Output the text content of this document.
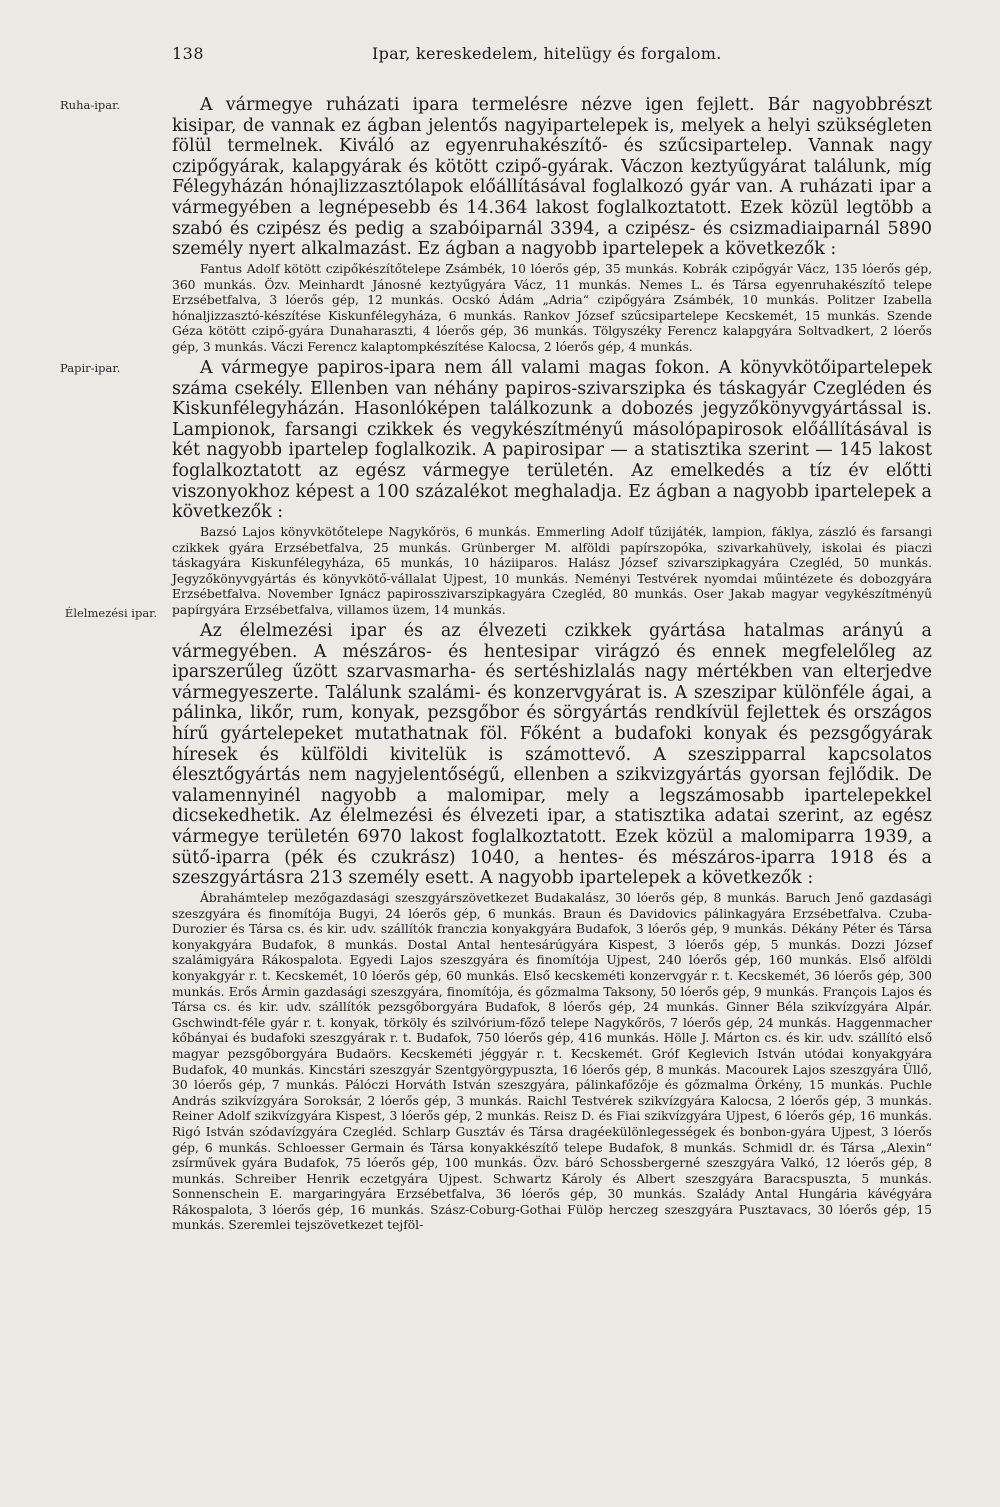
138	Ipar, kereskedelem, hitelügy és forgalom.
Ruha-ipar.
Papir-ipar.
Élelmezési ipar.

A vármegye ruházati ipara termelésre nézve igen fejlett. Bár nagyobbrészt kisipar, de vannak ez ágban jelentős nagyipartelepek is, melyek a helyi szükségleten fölül termelnek. Kiváló az egyenruhakészítő- és szűcsipartelep. Vannak nagy czipőgyárak, kalapgyárak és kötött czipő-gyárak. Váczon keztyűgyárat találunk, míg Félegyházán hónajlizzasztólapok előállításával foglalkozó gyár van. A ruházati ipar a vármegyében a legnépesebb és 14.364 lakost foglalkoztatott. Ezek közül legtöbb a szabó és czipész és pedig a szabóiparnál 3394, a czipész- és csizmadiaiparnál 5890 személy nyert alkalmazást. Ez ágban a nagyobb ipartelepek a következők :

Fantus Adolf kötött czipőkészítőtelepe Zsámbék, 10 lóerős gép, 35 munkás. Kobrák czipőgyár Vácz, 135 lóerős gép, 360 munkás. Özv. Meinhardt Jánosné keztyűgyára Vácz, 11 munkás. Nemes L. és Társa egyenruhakészítő telepe Erzsébetfalva, 3 lóerős gép, 12 munkás. Ocskó Ádám „Adria“ czipőgyára Zsámbék, 10 munkás. Politzer Izabella hónaljizzasztó-készítése Kiskunfélegyháza, 6 munkás. Rankov József szűcsipartelepe Kecskemét, 15 munkás. Szende Géza kötött czipő-gyára Dunaharaszti, 4 lóerős gép, 36 munkás. Tölgyszéky Ferencz kalapgyára Soltvadkert, 2 lóerős gép, 3 munkás. Váczi Ferencz kalaptompkészítése Kalocsa, 2 lóerős gép, 4 munkás.

A vármegye papiros-ipara nem áll valami magas fokon. A könyvkötőipartelepek száma csekély. Ellenben van néhány papiros-szivarszipka és táskagyár Czegléden és Kiskunfélegyházán. Hasonlóképen találkozunk a dobozés jegyzőkönyvgyártással is. Lampionok, farsangi czikkek és vegykészítményű másolópapirosok előállításával is két nagyobb ipartelep foglalkozik. A papirosipar — a statisztika szerint — 145 lakost foglalkoztatott az egész vármegye területén. Az emelkedés a tíz év előtti viszonyokhoz képest a 100 százalékot meghaladja. Ez ágban a nagyobb ipartelepek a következők :

Bazsó Lajos könyvkötőtelepe Nagykőrös, 6 munkás. Emmerling Adolf tűzijáték, lampion, fáklya, zászló és farsangi czikkek gyára Erzsébetfalva, 25 munkás. Grünberger M. alföldi papírszopóka, szivarkahüvely, iskolai és piaczi táskagyára Kiskunfélegyháza, 65 munkás, 10 háziiparos. Halász József szivarszipkagyára Czegléd, 50 munkás. Jegyzőkönyvgyártás és könyvkötő-vállalat Ujpest, 10 munkás. Neményi Testvérek nyomdai műintézete és dobozgyára Erzsébetfalva. November Ignácz papirosszivarszipkagyára Czegléd, 80 munkás. Oser Jakab magyar vegykészítményű papírgyára Erzsébetfalva, villamos üzem, 14 munkás.

Az élelmezési ipar és az élvezeti czikkek gyártása hatalmas arányú a vármegyében. A mészáros- és hentesipar virágzó és ennek megfelelőleg az iparszerűleg űzött szarvasmarha- és sertéshizlalás nagy mértékben van elterjedve vármegyeszerte. Találunk szalámi- és konzervgyárat is. A szeszipar különféle ágai, a pálinka, likőr, rum, konyak, pezsgőbor és sörgyártás rendkívül fejlettek és országos hírű gyártelepeket mutathatnak föl. Főként a budafoki konyak és pezsgőgyárak híresek és külföldi kivitelük is számottevő. A szeszipparral kapcsolatos élesztőgyártás nem nagyjelentőségű, ellenben a szikvizgyártás gyorsan fejlődik. De valamennyinél nagyobb a malomipar, mely a legszámosabb ipartelepekkel dicsekedhetik. Az élelmezési és élvezeti ipar, a statisztika adatai szerint, az egész vármegye területén 6970 lakost foglalkoztatott. Ezek közül a malomiparra 1939, a sütő-iparra (pék és czukrász) 1040, a hentes- és mészáros-iparra 1918 és a szeszgyártásra 213 személy esett. A nagyobb ipartelepek a következők :

Ábrahámtelep mezőgazdasági szeszgyárszövetkezet Budakalász, 30 lóerős gép, 8 munkás. Baruch Jenő gazdasági szeszgyára és finomítója Bugyi, 24 lóerős gép, 6 munkás. Braun és Davidovics pálinkagyára Erzsébetfalva. Czuba-Durozier és Társa cs. és kir. udv. szállítók franczia konyakgyára Budafok, 3 lóerős gép, 9 munkás. Dékány Péter és Társa konyakgyára Budafok, 8 munkás. Dostal Antal hentesárúgyára Kispest, 3 lóerős gép, 5 munkás. Dozzi József szalámigyára Rákospalota. Egyedi Lajos szeszgyára és finomítója Ujpest, 240 lóerős gép, 160 munkás. Első alföldi konyakgyár r. t. Kecskemét, 10 lóerős gép, 60 munkás. Első kecskeméti konzervgyár r. t. Kecskemét, 36 lóerős gép, 300 munkás. Erős Ármin gazdasági szeszgyára, finomítója, és gőzmalma Taksony, 50 lóerős gép, 9 munkás. François Lajos és Társa cs. és kir. udv. szállítók pezsgőborgyára Budafok, 8 lóerős gép, 24 munkás. Ginner Béla szikvízgyára Alpár. Gschwindt-féle gyár r. t. konyak, törköly és szilvórium-főző telepe Nagykőrös, 7 lóerős gép, 24 munkás. Haggenmacher kőbányai és budafoki szeszgyárak r. t. Budafok, 750 lóerős gép, 416 munkás. Hölle J. Márton cs. és kir. udv. szállító első magyar pezsgőborgyára Budaörs. Kecskeméti jéggyár r. t. Kecskemét. Gróf Keglevich István utódai konyakgyára Budafok, 40 munkás. Kincstári szeszgyár Szentgyörgypuszta, 16 lóerős gép, 8 munkás. Macourek Lajos szeszgyára Üllő, 30 lóerős gép, 7 munkás. Pálóczi Horváth István szeszgyára, pálinkafőzője és gőzmalma Örkény, 15 munkás. Puchle András szikvízgyára Soroksár, 2 lóerős gép, 3 munkás. Raichl Testvérek szikvízgyára Kalocsa, 2 lóerős gép, 3 munkás. Reiner Adolf szikvízgyára Kispest, 3 lóerős gép, 2 munkás. Reisz D. és Fiai szikvízgyára Ujpest, 6 lóerős gép, 16 munkás. Rigó István szódavízgyára Czegléd. Schlarp Gusztáv és Társa dragéekülönlegességek és bonbon-gyára Ujpest, 3 lóerős gép, 6 munkás. Schloesser Germain és Társa konyakkészítő telepe Budafok, 8 munkás. Schmidl dr. és Társa „Alexin“ zsírművek gyára Budafok, 75 lóerős gép, 100 munkás. Özv. báró Schossbergerné szeszgyára Valkó, 12 lóerős gép, 8 munkás. Schreiber Henrik eczetgyára Ujpest. Schwartz Károly és Albert szeszgyára Baracspuszta, 5 munkás. Sonnenschein E. margaringyára Erzsébetfalva, 36 lóerős gép, 30 munkás. Szalády Antal Hungária kávégyára Rákospalota, 3 lóerős gép, 16 munkás. Szász-Coburg-Gothai Fülöp herczeg szeszgyára Pusztavacs, 30 lóerős gép, 15 munkás. Szeremlei tejszövetkezet tejföl-
